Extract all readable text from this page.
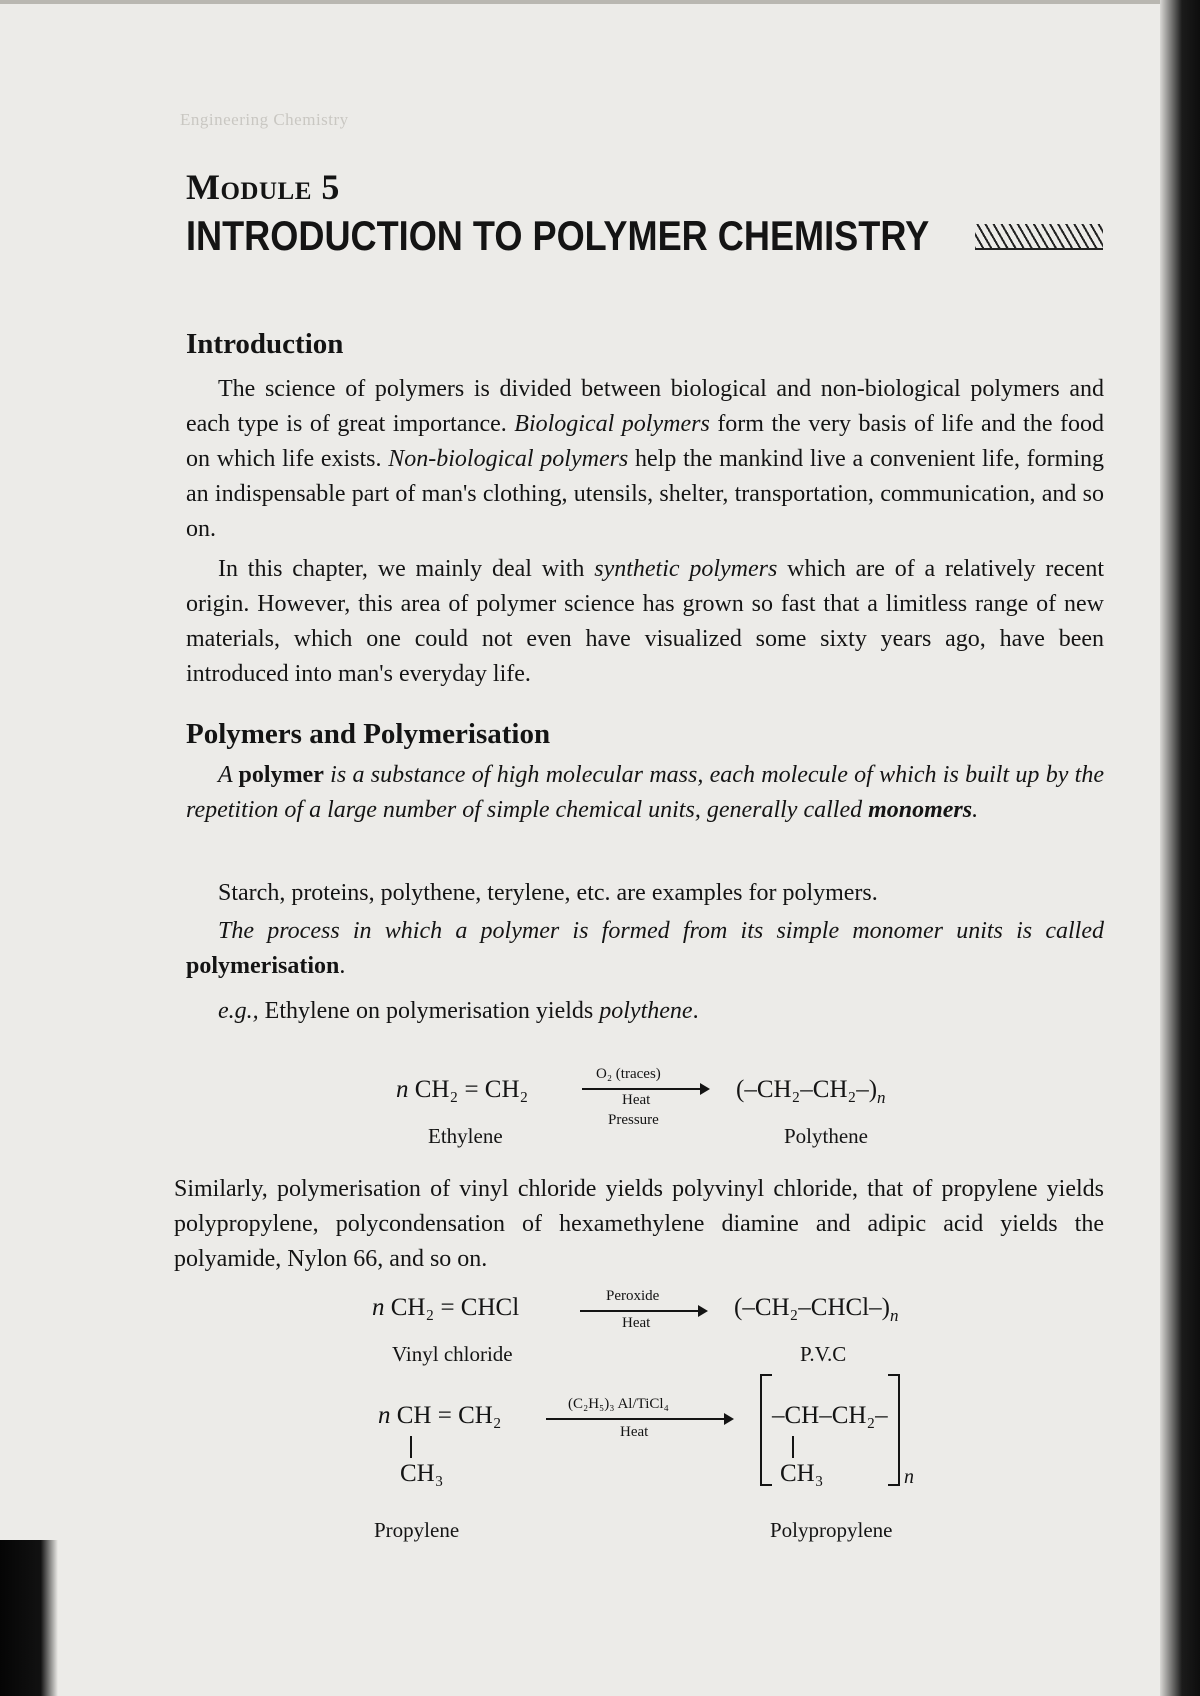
Engineering Chemistry
Module 5
INTRODUCTION TO POLYMER CHEMISTRY
Introduction

The science of polymers is divided between biological and non-biological polymers and each type is of great importance. Biological polymers form the very basis of life and the food on which life exists. Non-biological polymers help the mankind live a convenient life, forming an indispensable part of man's clothing, utensils, shelter, transportation, communication, and so on.

In this chapter, we mainly deal with synthetic polymers which are of a relatively recent origin. However, this area of polymer science has grown so fast that a limitless range of new materials, which one could not even have visualized some sixty years ago, have been introduced into man's everyday life.

Polymers and Polymerisation

A polymer is a substance of high molecular mass, each molecule of which is built up by the repetition of a large number of simple chemical units, generally called monomers.

Starch, proteins, polythene, terylene, etc. are examples for polymers.

The process in which a polymer is formed from its simple monomer units is called polymerisation.

e.g., Ethylene on polymerisation yields polythene.

n CH₂ = CH₂
O₂ (traces)
Heat
Pressure
$(-CH_2-CH_2-)_n$
Ethylene	Polythene

Similarly, polymerisation of vinyl chloride yields polyvinyl chloride, that of propylene yields polypropylene, polycondensation of hexamethylene diamine and adipic acid yields the polyamide, Nylon 66, and so on.

n CH₂ = CHCl	Peroxide
Heat
$(-CH_2-CHCl-)_n$
Vinyl chloride	P.V.C
n CH = CH₂
CH₃
(C₂H₅)₃ Al/TiCl₄
Heat
–CH–CH₂–
CH₃	n
Propylene	Polypropylene
